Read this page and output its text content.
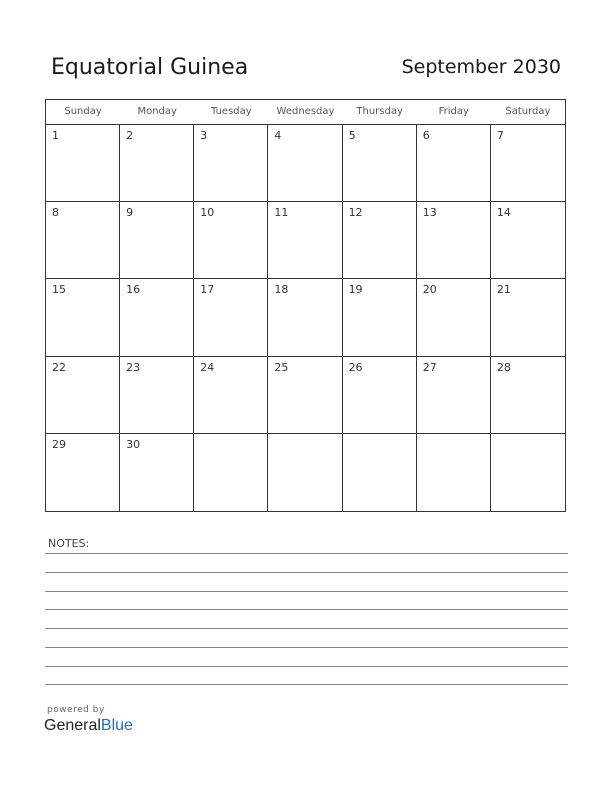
Equatorial Guinea	September 2030
Sunday	Monday	Tuesday	Wednesday	Thursday	Friday	Saturday
1	2	3	4	5	6	7
8	9	10	11	12	13	14
15	16	17	18	19	20	21
22	23	24	25	26	27	28
29	30
NOTES:
powered by
GeneralBlue
